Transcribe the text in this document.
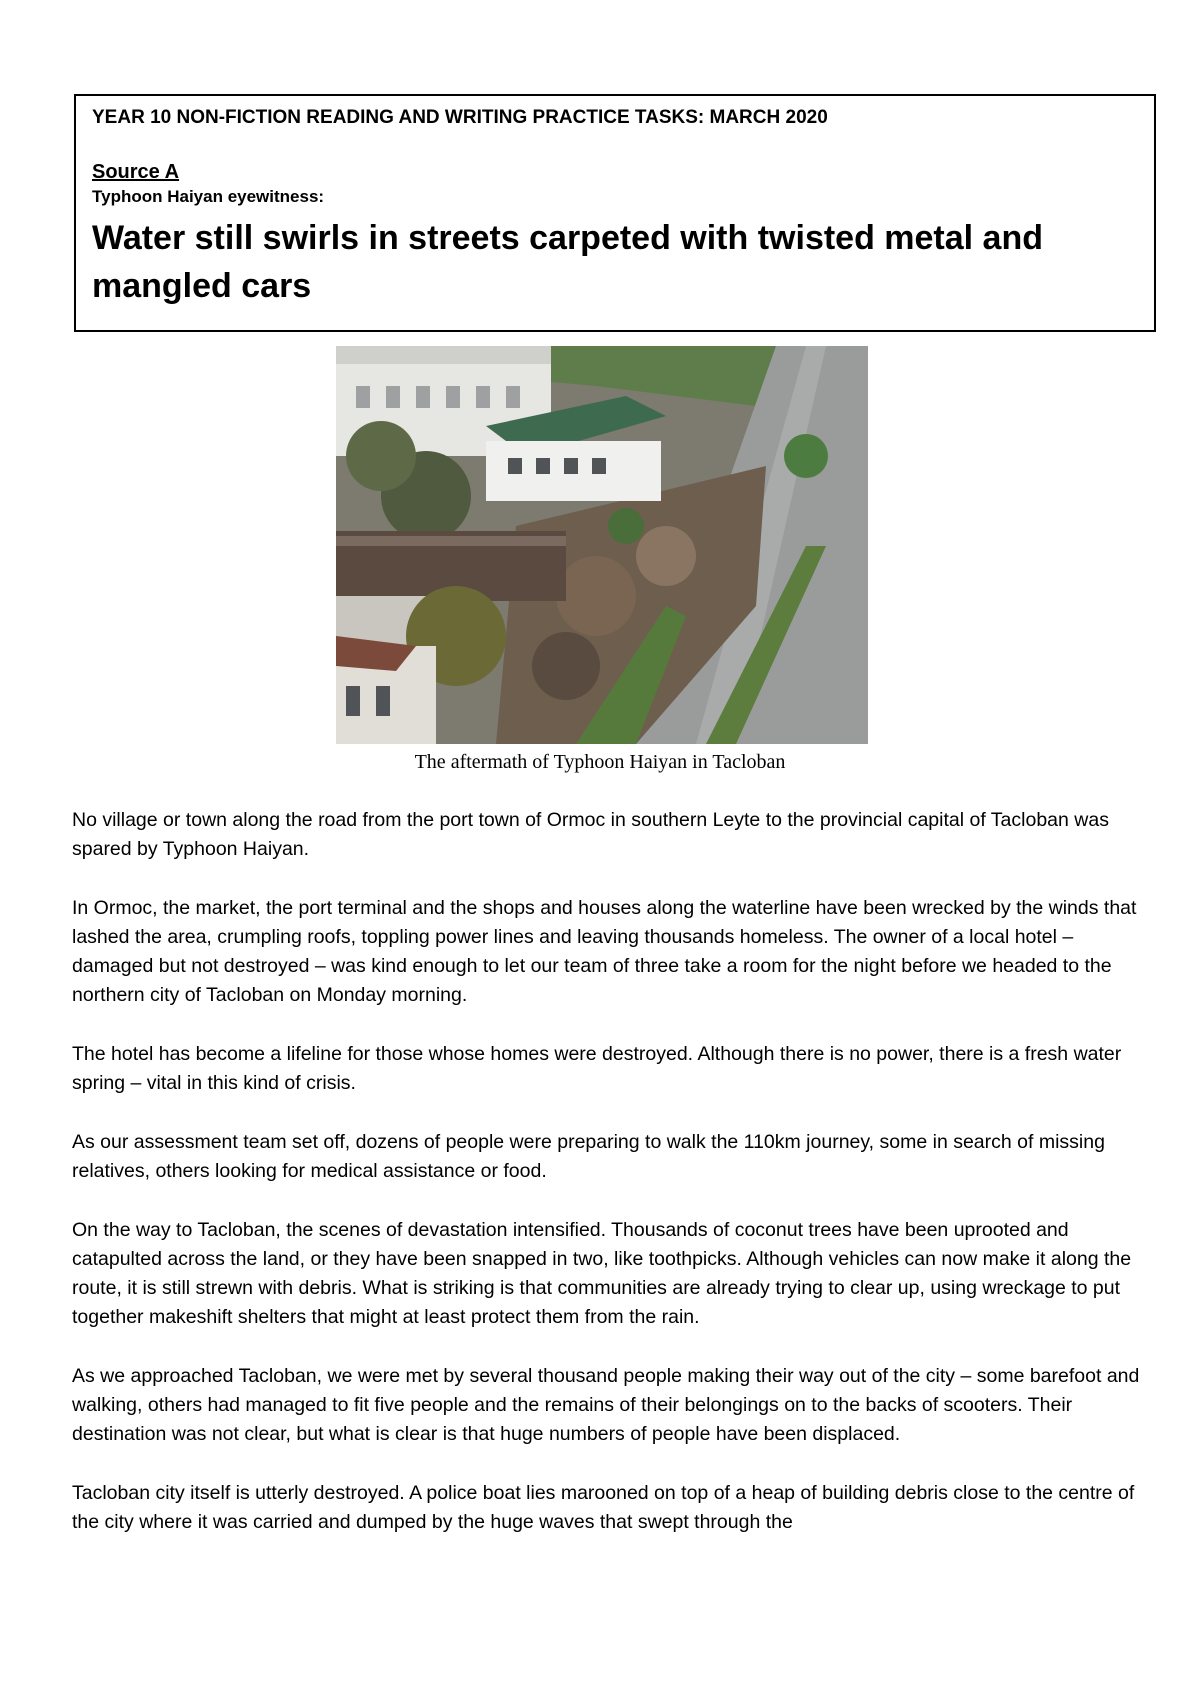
YEAR 10 NON-FICTION READING AND WRITING PRACTICE TASKS: MARCH 2020

Source A

Typhoon Haiyan eyewitness:

Water still swirls in streets carpeted with twisted metal and mangled cars

The aftermath of Typhoon Haiyan in Tacloban

No village or town along the road from the port town of Ormoc in southern Leyte to the provincial capital of Tacloban was spared by Typhoon Haiyan.

In Ormoc, the market, the port terminal and the shops and houses along the waterline have been wrecked by the winds that lashed the area, crumpling roofs, toppling power lines and leaving thousands homeless. The owner of a local hotel – damaged but not destroyed – was kind enough to let our team of three take a room for the night before we headed to the northern city of Tacloban on Monday morning.

The hotel has become a lifeline for those whose homes were destroyed. Although there is no power, there is a fresh water spring – vital in this kind of crisis.

As our assessment team set off, dozens of people were preparing to walk the 110km journey, some in search of missing relatives, others looking for medical assistance or food.

On the way to Tacloban, the scenes of devastation intensified. Thousands of coconut trees have been uprooted and catapulted across the land, or they have been snapped in two, like toothpicks. Although vehicles can now make it along the route, it is still strewn with debris. What is striking is that communities are already trying to clear up, using wreckage to put together makeshift shelters that might at least protect them from the rain.

As we approached Tacloban, we were met by several thousand people making their way out of the city – some barefoot and walking, others had managed to fit five people and the remains of their belongings on to the backs of scooters. Their destination was not clear, but what is clear is that huge numbers of people have been displaced.

Tacloban city itself is utterly destroyed. A police boat lies marooned on top of a heap of building debris close to the centre of the city where it was carried and dumped by the huge waves that swept through the
